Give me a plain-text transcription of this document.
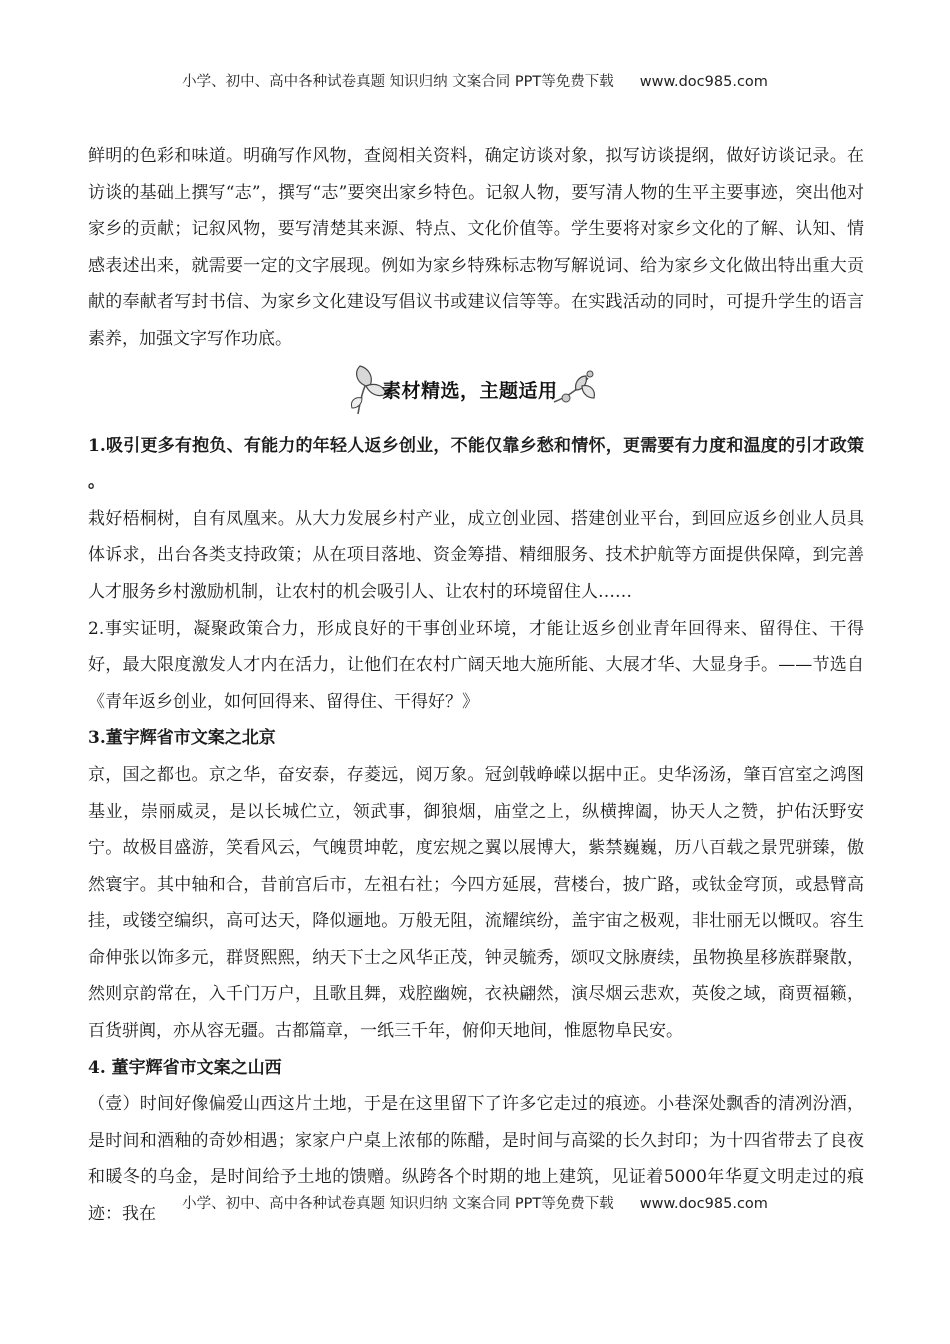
小学、初中、高中各种试卷真题 知识归纳 文案合同 PPT等免费下载 www.doc985.com

鲜明的色彩和味道。明确写作风物，查阅相关资料，确定访谈对象，拟写访谈提纲，做好访谈记录。在访谈的基础上撰写“志”，撰写“志”要突出家乡特色。记叙人物，要写清人物的生平主要事迹，突出他对家乡的贡献；记叙风物，要写清楚其来源、特点、文化价值等。学生要将对家乡文化的了解、认知、情感表述出来，就需要一定的文字展现。例如为家乡特殊标志物写解说词、给为家乡文化做出特出重大贡献的奉献者写封书信、为家乡文化建设写倡议书或建议信等等。在实践活动的同时，可提升学生的语言素养，加强文字写作功底。

素材精选，主题适用

1.吸引更多有抱负、有能力的年轻人返乡创业，不能仅靠乡愁和情怀，更需要有力度和温度的引才政策 。

栽好梧桐树，自有凤凰来。从大力发展乡村产业，成立创业园、搭建创业平台，到回应返乡创业人员具体诉求，出台各类支持政策；从在项目落地、资金筹措、精细服务、技术护航等方面提供保障，到完善人才服务乡村激励机制，让农村的机会吸引人、让农村的环境留住人……

2.事实证明，凝聚政策合力，形成良好的干事创业环境，才能让返乡创业青年回得来、留得住、干得好，最大限度激发人才内在活力，让他们在农村广阔天地大施所能、大展才华、大显身手。——节选自《青年返乡创业，如何回得来、留得住、干得好？》

3.董宇辉省市文案之北京

京，国之都也。京之华，奋安泰，存菱远，阅万象。冠剑戟峥嵘以据中正。史华汤汤，肇百宫室之鸿图基业，崇丽威灵，是以长城伫立，领武事，御狼烟，庙堂之上，纵横捭阖，协天人之赞，护佑沃野安宁。故极目盛游，笑看风云，气魄贯坤乾，度宏规之翼以展博大，紫禁巍巍，历八百载之景咒骈臻，傲然寰宇。其中轴和合，昔前宫后市，左祖右社；今四方延展，营楼台，披广路，或钛金穹顶，或悬臂高挂，或镂空编织，高可达天，降似逦地。万般无阻，流耀缤纷，盖宇宙之极观，非壮丽无以慨叹。容生命伸张以饰多元，群贤熙熙，纳天下士之风华正茂，钟灵毓秀，颂叹文脉赓续，虽物换星移族群聚散，然则京韵常在，入千门万户，且歌且舞，戏腔幽婉，衣袂翩然，演尽烟云悲欢，英俊之域，商贾福籁，百货骈阗，亦从容无疆。古都篇章，一纸三千年，俯仰天地间，惟愿物阜民安。

4. 董宇辉省市文案之山西

（壹）时间好像偏爱山西这片土地，于是在这里留下了许多它走过的痕迹。小巷深处飘香的清冽汾酒，是时间和酒釉的奇妙相遇；家家户户桌上浓郁的陈醋，是时间与高粱的长久封印；为十四省带去了良夜和暖冬的乌金，是时间给予土地的馈赠。纵跨各个时期的地上建筑，见证着5000年华夏文明走过的痕迹：我在

小学、初中、高中各种试卷真题 知识归纳 文案合同 PPT等免费下载 www.doc985.com
